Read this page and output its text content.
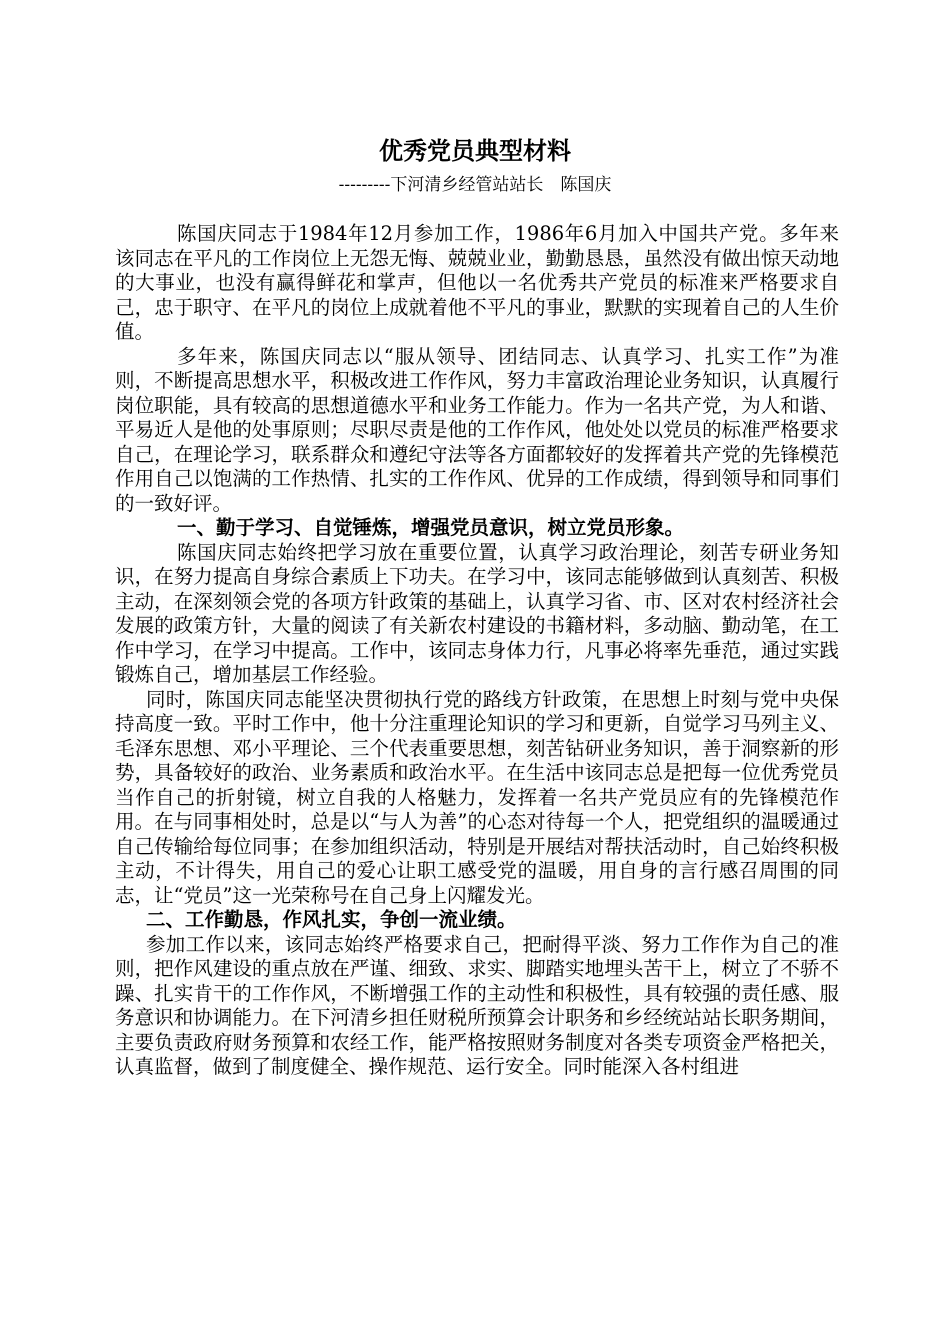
优秀党员典型材料
---------下河清乡经管站站长　陈国庆

陈国庆同志于1984年12月参加工作，1986年6月加入中国共产党。多年来该同志在平凡的工作岗位上无怨无悔、兢兢业业，勤勤恳恳，虽然没有做出惊天动地的大事业，也没有赢得鲜花和掌声，但他以一名优秀共产党员的标准来严格要求自己，忠于职守、在平凡的岗位上成就着他不平凡的事业，默默的实现着自己的人生价值。

多年来，陈国庆同志以“服从领导、团结同志、认真学习、扎实工作”为准则，不断提高思想水平，积极改进工作作风，努力丰富政治理论业务知识，认真履行岗位职能，具有较高的思想道德水平和业务工作能力。作为一名共产党，为人和谐、平易近人是他的处事原则；尽职尽责是他的工作作风，他处处以党员的标准严格要求自己，在理论学习，联系群众和遵纪守法等各方面都较好的发挥着共产党的先锋模范作用自己以饱满的工作热情、扎实的工作作风、优异的工作成绩，得到领导和同事们的一致好评。

一、勤于学习、自觉锤炼，增强党员意识，树立党员形象。

陈国庆同志始终把学习放在重要位置，认真学习政治理论，刻苦专研业务知识，在努力提高自身综合素质上下功夫。在学习中，该同志能够做到认真刻苦、积极主动，在深刻领会党的各项方针政策的基础上，认真学习省、市、区对农村经济社会发展的政策方针，大量的阅读了有关新农村建设的书籍材料，多动脑、勤动笔，在工作中学习，在学习中提高。工作中，该同志身体力行，凡事必将率先垂范，通过实践锻炼自己，增加基层工作经验。

同时，陈国庆同志能坚决贯彻执行党的路线方针政策，在思想上时刻与党中央保持高度一致。平时工作中，他十分注重理论知识的学习和更新，自觉学习马列主义、毛泽东思想、邓小平理论、三个代表重要思想，刻苦钻研业务知识，善于洞察新的形势，具备较好的政治、业务素质和政治水平。在生活中该同志总是把每一位优秀党员当作自己的折射镜，树立自我的人格魅力，发挥着一名共产党员应有的先锋模范作用。在与同事相处时，总是以“与人为善”的心态对待每一个人，把党组织的温暖通过自己传输给每位同事；在参加组织活动，特别是开展结对帮扶活动时，自己始终积极主动，不计得失，用自己的爱心让职工感受党的温暖，用自身的言行感召周围的同志，让“党员”这一光荣称号在自己身上闪耀发光。

二、工作勤恳，作风扎实，争创一流业绩。

参加工作以来，该同志始终严格要求自己，把耐得平淡、努力工作作为自己的准则，把作风建设的重点放在严谨、细致、求实、脚踏实地埋头苦干上，树立了不骄不躁、扎实肯干的工作作风，不断增强工作的主动性和积极性，具有较强的责任感、服务意识和协调能力。在下河清乡担任财税所预算会计职务和乡经统站站长职务期间，主要负责政府财务预算和农经工作，能严格按照财务制度对各类专项资金严格把关，认真监督，做到了制度健全、操作规范、运行安全。同时能深入各村组进
